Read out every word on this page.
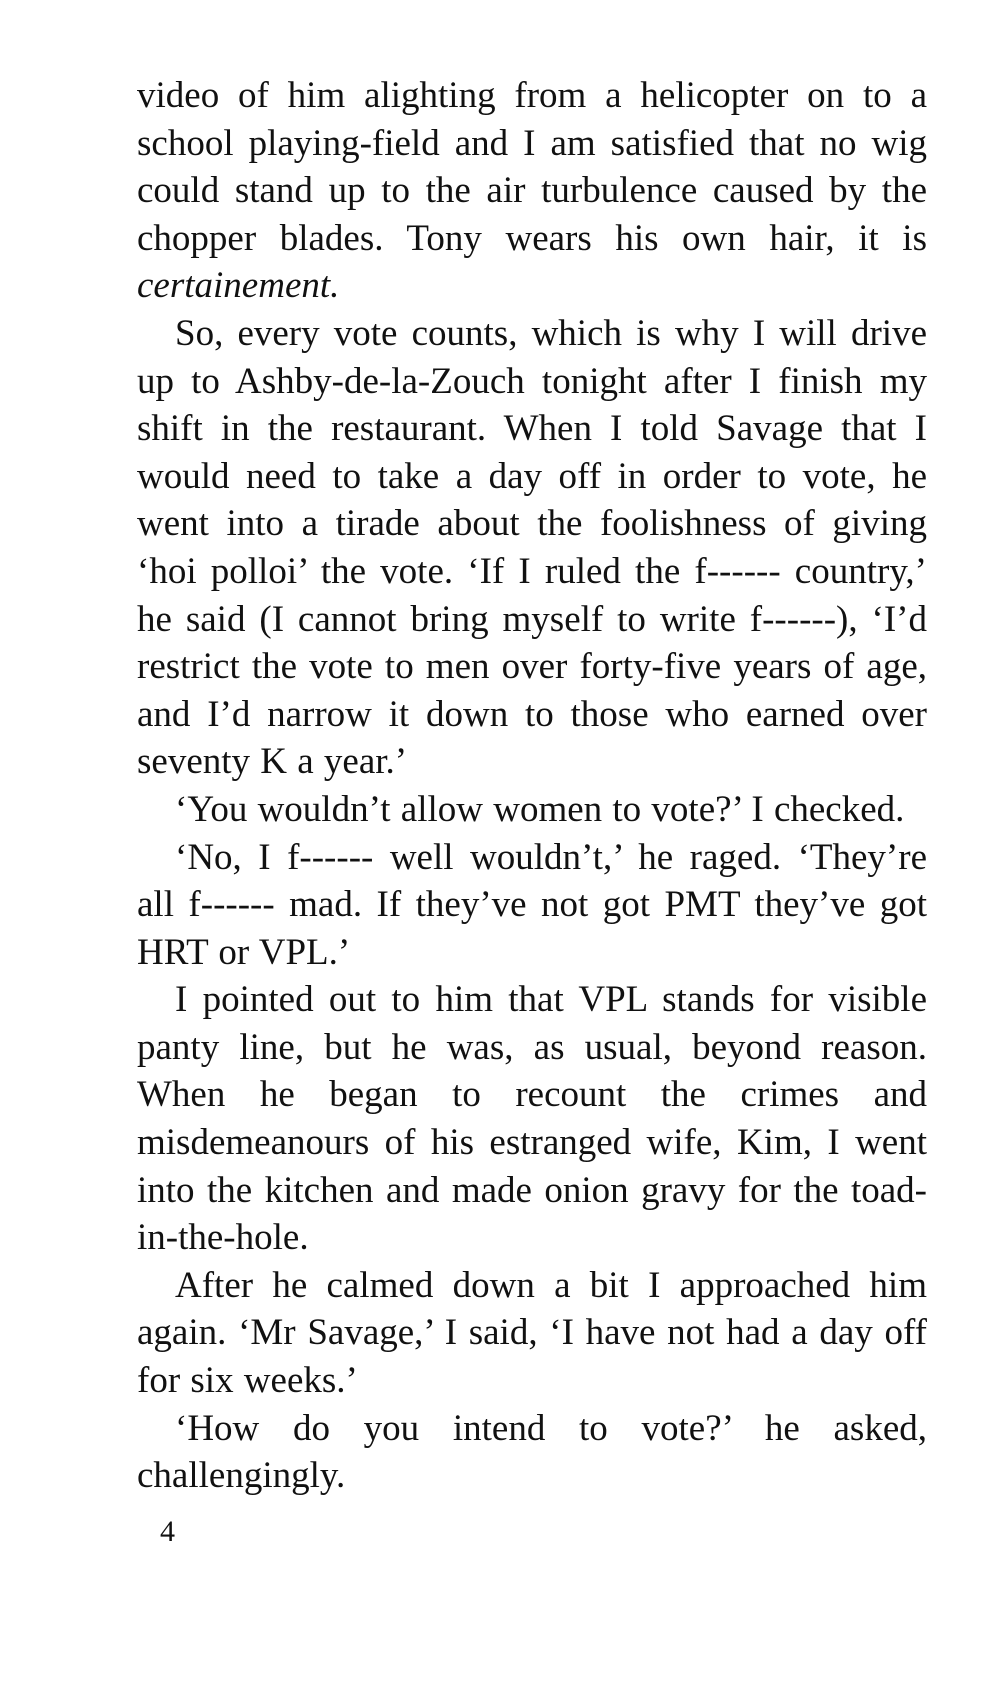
video of him alighting from a helicopter on to a school playing-field and I am satisfied that no wig could stand up to the air turbulence caused by the chopper blades. Tony wears his own hair, it is certainement.

So, every vote counts, which is why I will drive up to Ashby-de-la-Zouch tonight after I finish my shift in the restaurant. When I told Savage that I would need to take a day off in order to vote, he went into a tirade about the foolishness of giving ‘hoi polloi’ the vote. ‘If I ruled the f------ country,’ he said (I cannot bring myself to write f------), ‘I’d restrict the vote to men over forty-five years of age, and I’d narrow it down to those who earned over seventy K a year.’

‘You wouldn’t allow women to vote?’ I checked.

‘No, I f------ well wouldn’t,’ he raged. ‘They’re all f------ mad. If they’ve not got PMT they’ve got HRT or VPL.’

I pointed out to him that VPL stands for visible panty line, but he was, as usual, beyond reason. When he began to recount the crimes and misdemeanours of his estranged wife, Kim, I went into the kitchen and made onion gravy for the toad-in-the-hole.

After he calmed down a bit I approached him again. ‘Mr Savage,’ I said, ‘I have not had a day off for six weeks.’

‘How do you intend to vote?’ he asked, challengingly.

4
